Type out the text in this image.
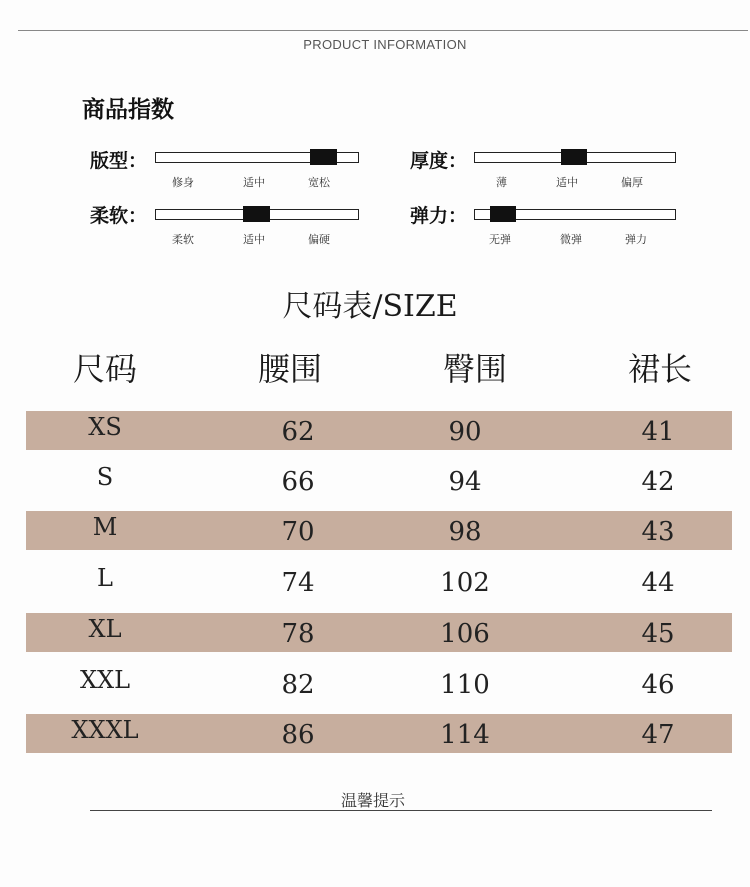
PRODUCT INFORMATION
商品指数
版型：
修身	适中	宽松
厚度：
薄	适中	偏厚
柔软：
柔软	适中	偏硬
弹力：
无弹	微弹	弹力
尺码表/SIZE
尺码	腰围	臀围	裙长
XS	62	90	41
S	66	94	42
M	70	98	43
L	74	102	44
XL	78	106	45
XXL	82	110	46
XXXL	86	114	47
温馨提示
